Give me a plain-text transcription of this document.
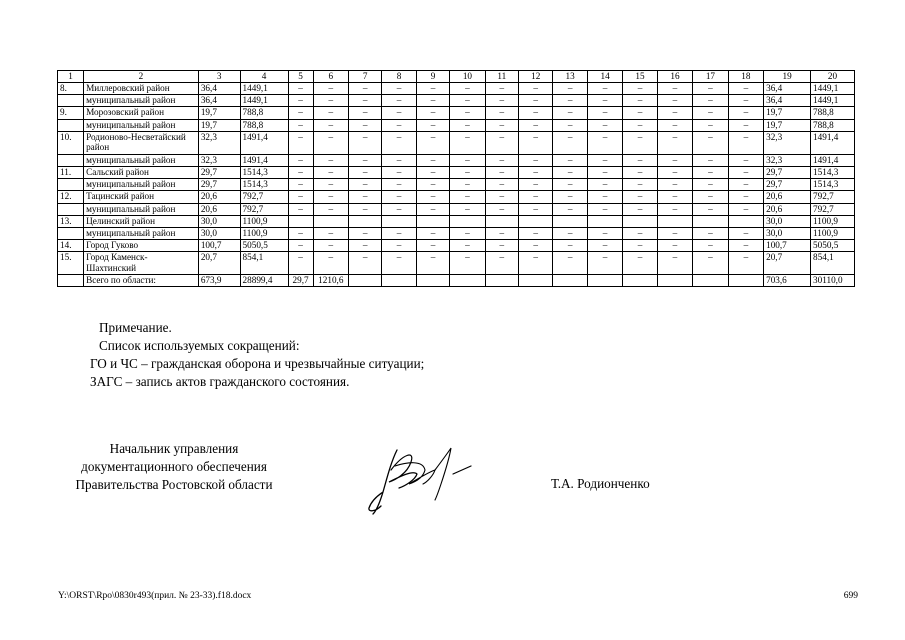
1	2	3	4	5	6	7	8	9	10	11	12	13	14	15	16	17	18	19	20
8.	Миллеровский район	36,4	1449,1	–	–	–	–	–	–	–	–	–	–	–	–	–	–	36,4	1449,1
	муниципальный район	36,4	1449,1	–	–	–	–	–	–	–	–	–	–	–	–	–	–	36,4	1449,1
9.	Морозовский район	19,7	788,8	–	–	–	–	–	–	–	–	–	–	–	–	–	–	19,7	788,8
	муниципальный район	19,7	788,8	–	–	–	–	–	–	–	–	–	–	–	–	–	–	19,7	788,8
10.	Родионово-Несветайский район	32,3	1491,4	–	–	–	–	–	–	–	–	–	–	–	–	–	–	32,3	1491,4
	муниципальный район	32,3	1491,4	–	–	–	–	–	–	–	–	–	–	–	–	–	–	32,3	1491,4
11.	Сальский район	29,7	1514,3	–	–	–	–	–	–	–	–	–	–	–	–	–	–	29,7	1514,3
	муниципальный район	29,7	1514,3	–	–	–	–	–	–	–	–	–	–	–	–	–	–	29,7	1514,3
12.	Тацинский район	20,6	792,7	–	–	–	–	–	–	–	–	–	–	–	–	–	–	20,6	792,7
	муниципальный район	20,6	792,7	–	–	–	–	–	–	–	–	–	–	–	–	–	–	20,6	792,7
13.	Целинский район	30,0	1100,9															30,0	1100,9
	муниципальный район	30,0	1100,9	–	–	–	–	–	–	–	–	–	–	–	–	–	–	30,0	1100,9
14.	Город Гуково	100,7	5050,5	–	–	–	–	–	–	–	–	–	–	–	–	–	–	100,7	5050,5
15.	Город Каменск-Шахтинский	20,7	854,1	–	–	–	–	–	–	–	–	–	–	–	–	–	–	20,7	854,1
	Всего по области:	673,9	28899,4	29,7	1210,6													703,6	30110,0
Примечание.
Список используемых сокращений:
ГО и ЧС – гражданская оборона и чрезвычайные ситуации;
ЗАГС – запись актов гражданского состояния.
Начальник управления
документационного обеспечения
Правительства Ростовской области	Т.А. Родионченко
Y:\ORST\Rpo\0830r493(прил. № 23-33).f18.docx	699
